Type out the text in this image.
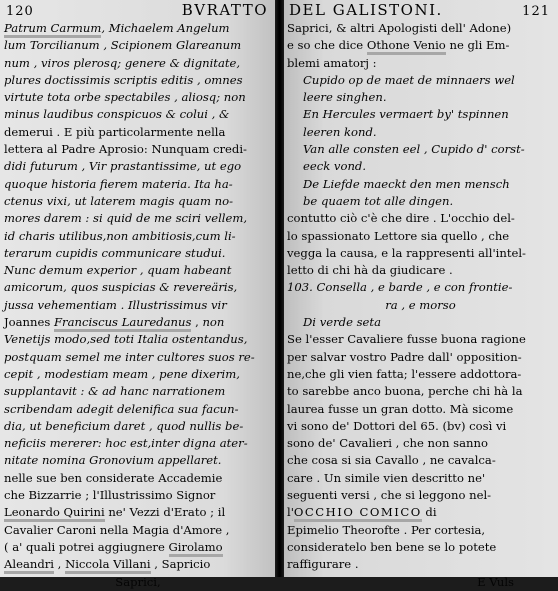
120	BVRATTO
Patrum Carmum, Michaelem Angelum
lum Torcilianum , Scipionem Glareanum
num , viros plerosq; genere & dignitate,
plures doctissimis scriptis editis , omnes
virtute tota orbe spectabiles , aliosq; non
minus laudibus conspicuos & colui , &
demerui . E più particolarmente nella
lettera al Padre Aprosio: Nunquam credi-
didi futurum , Vir prastantissime, ut ego
quoque historia fierem materia. Ita ha-
ctenus vixi, ut laterem magis quam no-
mores darem : si quid de me sciri vellem,
id charis utilibus,non ambitiosis,cum li-
terarum cupidis communicare studui.
Nunc demum experior , quam habeant
amicorum, quos suspicias & revereäris,
jussa vehementiam . Illustrissimus vir
Joannes Franciscus Lauredanus , non
Venetijs modo,sed toti Italia ostentandus,
postquam semel me inter cultores suos re-
cepit , modestiam meam , pene dixerim,
supplantavit : & ad hanc narrationem
scribendam adegit delenifica sua facun-
dia, ut beneficium daret , quod nullis be-
neficiis mererer: hoc est,inter digna ater-
nitate nomina Gronovium appellaret.
nelle sue ben considerate Accademie
che Bizzarrie ; l'Illustrissimo Signor
Leonardo Quirini ne' Vezzi d'Erato ; il
Cavalier Caroni nella Magia d'Amore ,
( a' quali potrei aggiugnere Girolamo
Aleandri , Niccola Villani , Sapricio
Saprici,
DEL GALISTONI.	121
Saprici, & altri Apologisti dell' Adone)
e so che dice Othone Venio ne gli Em-
blemi amatorj :
Cupido op de maet de minnaers wel
leere singhen.
En Hercules vermaert by' tspinnen
leeren kond.
Van alle consten eel , Cupido d' corst-
eeck vond.
De Liefde maeckt den men mensch
be quaem tot alle dingen.
contutto ciò c'è che dire . L'occhio del-
lo spassionato Lettore sia quello , che
vegga la causa, e la rappresenti all'intel-
letto di chi hà da giudicare .
103. Consella , e barde , e con frontie-
ra , e morso
Di verde seta
Se l'esser Cavaliere fusse buona ragione
per salvar vostro Padre dall' opposition-
ne,che gli vien fatta; l'essere addottora-
to sarebbe anco buona, perche chi hà la
laurea fusse un gran dotto. Mà sicome
vi sono de' Dottori del 65. (bv) così vi
sono de' Cavalieri , che non sanno
che cosa si sia Cavallo , ne cavalca-
care . Un simile vien descritto ne'
seguenti versi , che si leggono nel-
l'OCCHIO COMICO di
Epimelio Theorofte . Per cortesia,
consideratelo ben bene se lo potete
raffigurare .
E Vuls
